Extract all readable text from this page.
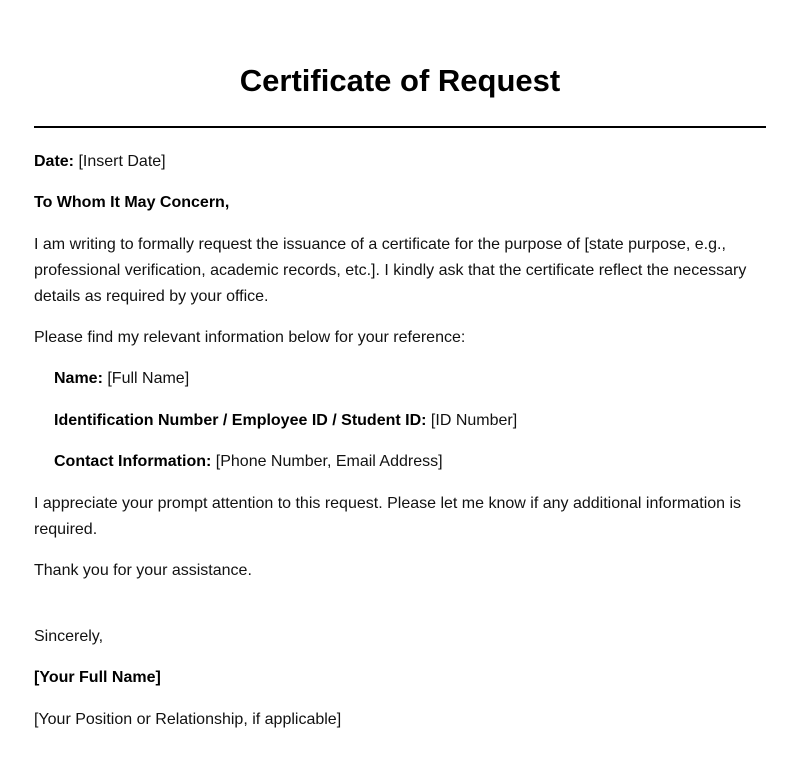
Certificate of Request

Date: [Insert Date]

To Whom It May Concern,

I am writing to formally request the issuance of a certificate for the purpose of [state purpose, e.g., professional verification, academic records, etc.]. I kindly ask that the certificate reflect the necessary details as required by your office.

Please find my relevant information below for your reference:

Name: [Full Name]

Identification Number / Employee ID / Student ID: [ID Number]

Contact Information: [Phone Number, Email Address]

I appreciate your prompt attention to this request. Please let me know if any additional information is required.

Thank you for your assistance.

Sincerely,

[Your Full Name]

[Your Position or Relationship, if applicable]
